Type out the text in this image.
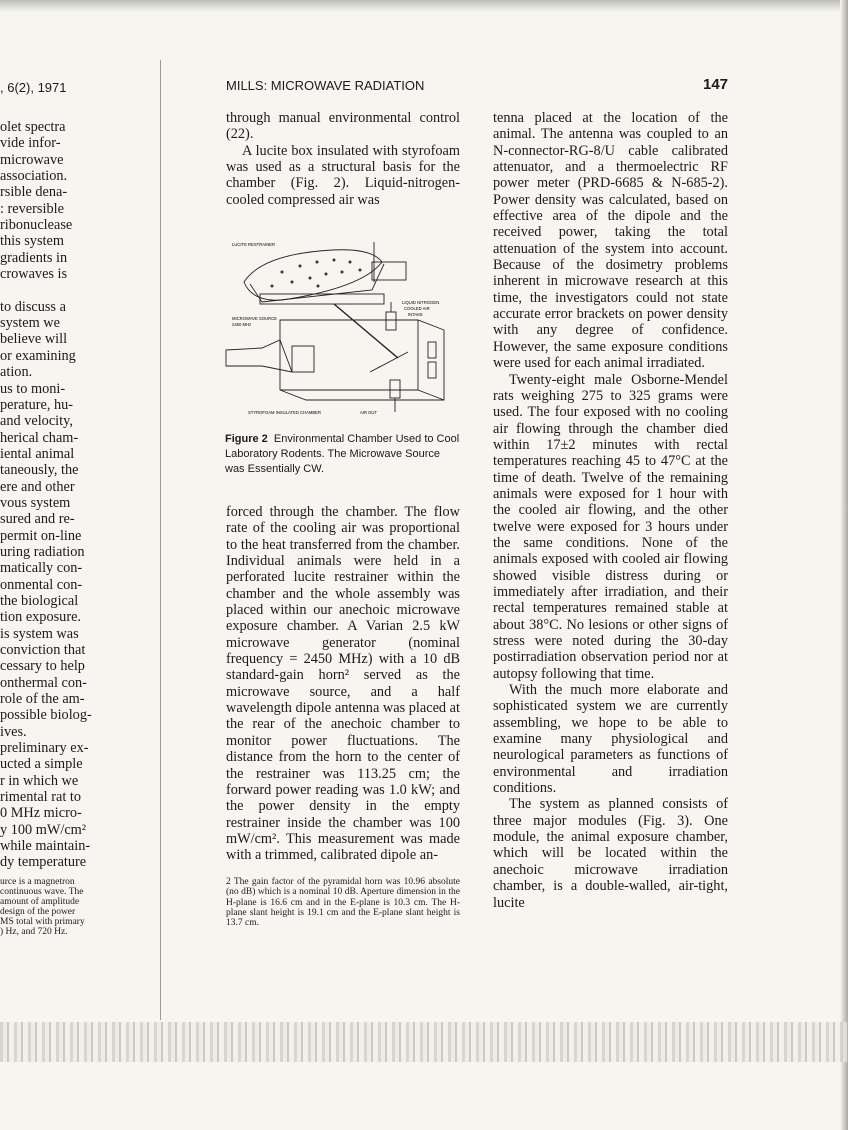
, 6(2), 1971	MILLS: MICROWAVE RADIATION	147
olet spectra
vide infor-
microwave
association.
rsible dena-
: reversible
ribonuclease
this system
gradients in
crowaves is
to discuss a
system we
believe will
or examining
ation.
us to moni-
perature, hu-
and velocity,
herical cham-
iental animal
taneously, the
ere and other
vous system
sured and re-
permit on-line
uring radiation
matically con-
onmental con-
the biological
tion exposure.
is system was
conviction that
cessary to help
onthermal con-
role of the am-
possible biolog-
ives.
preliminary ex-
ucted a simple
r in which we
rimental rat to
0 MHz micro-
y 100 mW/cm²
while maintain-
dy temperature
urce is a magnetron
continuous wave. The
amount of amplitude
design of the power
MS total with primary
) Hz, and 720 Hz.

through manual environmental control (22).

A lucite box insulated with styrofoam was used as a structural basis for the chamber (Fig. 2). Liquid-nitrogen-cooled compressed air was

LUCITE RESTRAINER
MICROWAVE SOURCE
2450 MHz
LIQUID NITROGEN
COOLED AIR
INTAKE
STYROFOAM INSULATED CHAMBER	AIR OUT
Figure 2 Environmental Chamber Used to Cool Laboratory Rodents. The Microwave Source was Essentially CW.

forced through the chamber. The flow rate of the cooling air was proportional to the heat transferred from the chamber. Individual animals were held in a perforated lucite restrainer within the chamber and the whole assembly was placed within our anechoic microwave exposure chamber. A Varian 2.5 kW microwave generator (nominal frequency = 2450 MHz) with a 10 dB standard-gain horn² served as the microwave source, and a half wavelength dipole antenna was placed at the rear of the anechoic chamber to monitor power fluctuations. The distance from the horn to the center of the restrainer was 113.25 cm; the forward power reading was 1.0 kW; and the power density in the empty restrainer inside the chamber was 100 mW/cm². This measurement was made with a trimmed, calibrated dipole an-

2 The gain factor of the pyramidal horn was 10.96 absolute (no dB) which is a nominal 10 dB. Aperture dimension in the H-plane is 16.6 cm and in the E-plane is 10.3 cm. The H-plane slant height is 19.1 cm and the E-plane slant height is 13.7 cm.

tenna placed at the location of the animal. The antenna was coupled to an N-connector-RG-8/U cable calibrated attenuator, and a thermoelectric RF power meter (PRD-6685 & N-685-2). Power density was calculated, based on effective area of the dipole and the received power, taking the total attenuation of the system into account. Because of the dosimetry problems inherent in microwave research at this time, the investigators could not state accurate error brackets on power density with any degree of confidence. However, the same exposure conditions were used for each animal irradiated.

Twenty-eight male Osborne-Mendel rats weighing 275 to 325 grams were used. The four exposed with no cooling air flowing through the chamber died within 17±2 minutes with rectal temperatures reaching 45 to 47°C at the time of death. Twelve of the remaining animals were exposed for 1 hour with the cooled air flowing, and the other twelve were exposed for 3 hours under the same conditions. None of the animals exposed with cooled air flowing showed visible distress during or immediately after irradiation, and their rectal temperatures remained stable at about 38°C. No lesions or other signs of stress were noted during the 30-day postirradiation observation period nor at autopsy following that time.

With the much more elaborate and sophisticated system we are currently assembling, we hope to be able to examine many physiological and neurological parameters as functions of environmental and irradiation conditions.

The system as planned consists of three major modules (Fig. 3). One module, the animal exposure chamber, which will be located within the anechoic microwave irradiation chamber, is a double-walled, air-tight, lucite
